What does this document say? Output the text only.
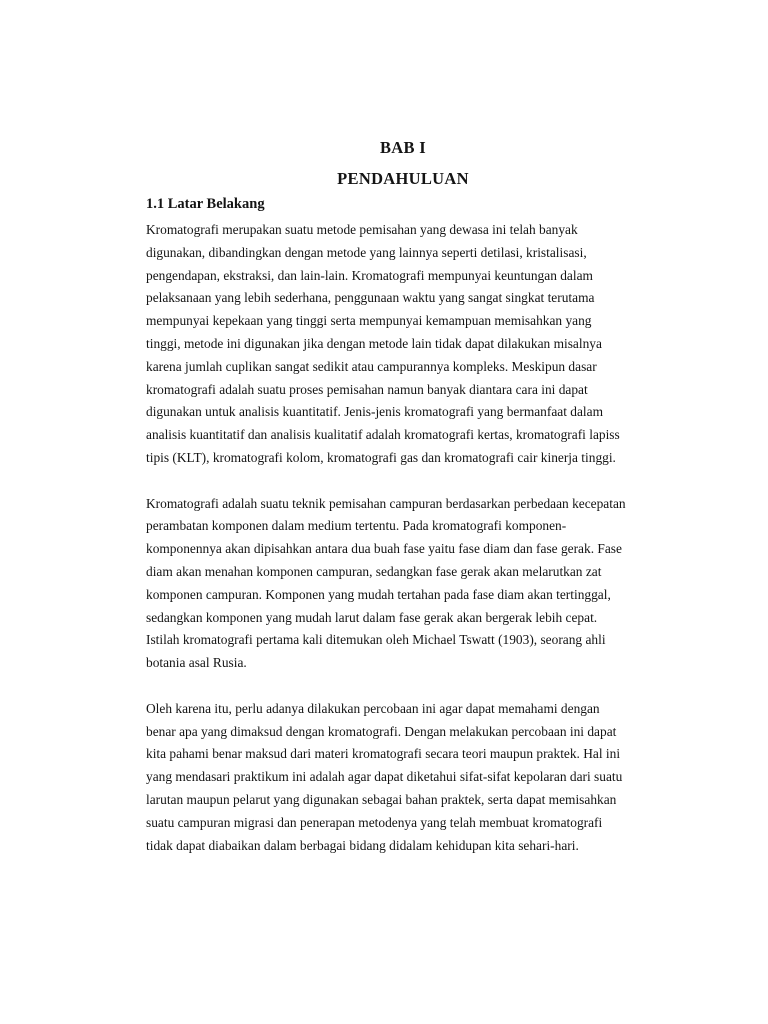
BAB I
PENDAHULUAN
1.1 Latar Belakang
Kromatografi merupakan suatu metode pemisahan yang dewasa ini telah banyak
digunakan, dibandingkan dengan metode yang lainnya seperti detilasi, kristalisasi,
pengendapan, ekstraksi, dan lain-lain. Kromatografi mempunyai keuntungan dalam
pelaksanaan yang lebih sederhana, penggunaan waktu yang sangat singkat terutama
mempunyai kepekaan yang tinggi serta mempunyai kemampuan memisahkan yang
tinggi, metode ini digunakan jika dengan metode lain tidak dapat dilakukan misalnya
karena jumlah cuplikan sangat sedikit atau campurannya kompleks. Meskipun dasar
kromatografi adalah suatu proses pemisahan namun banyak diantara cara ini dapat
digunakan untuk analisis kuantitatif. Jenis-jenis kromatografi yang bermanfaat dalam
analisis kuantitatif dan analisis kualitatif adalah kromatografi kertas, kromatografi lapiss
tipis (KLT), kromatografi kolom, kromatografi gas dan kromatografi cair kinerja tinggi.
Kromatografi adalah suatu teknik pemisahan campuran berdasarkan perbedaan kecepatan
perambatan komponen dalam medium tertentu. Pada kromatografi komponen-
komponennya akan dipisahkan antara dua buah fase yaitu fase diam dan fase gerak. Fase
diam akan menahan komponen campuran, sedangkan fase gerak akan melarutkan zat
komponen campuran. Komponen yang mudah tertahan pada fase diam akan tertinggal,
sedangkan komponen yang mudah larut dalam fase gerak akan bergerak lebih cepat.
Istilah kromatografi pertama kali ditemukan oleh Michael Tswatt (1903), seorang ahli
botania asal Rusia.
Oleh karena itu, perlu adanya dilakukan percobaan ini agar dapat memahami dengan
benar apa yang dimaksud dengan kromatografi. Dengan melakukan percobaan ini dapat
kita pahami benar maksud dari materi kromatografi secara teori maupun praktek. Hal ini
yang mendasari praktikum ini adalah agar dapat diketahui sifat-sifat kepolaran dari suatu
larutan maupun pelarut yang digunakan sebagai bahan praktek, serta dapat memisahkan
suatu campuran migrasi dan penerapan metodenya yang telah membuat kromatografi
tidak dapat diabaikan dalam berbagai bidang didalam kehidupan kita sehari-hari.
